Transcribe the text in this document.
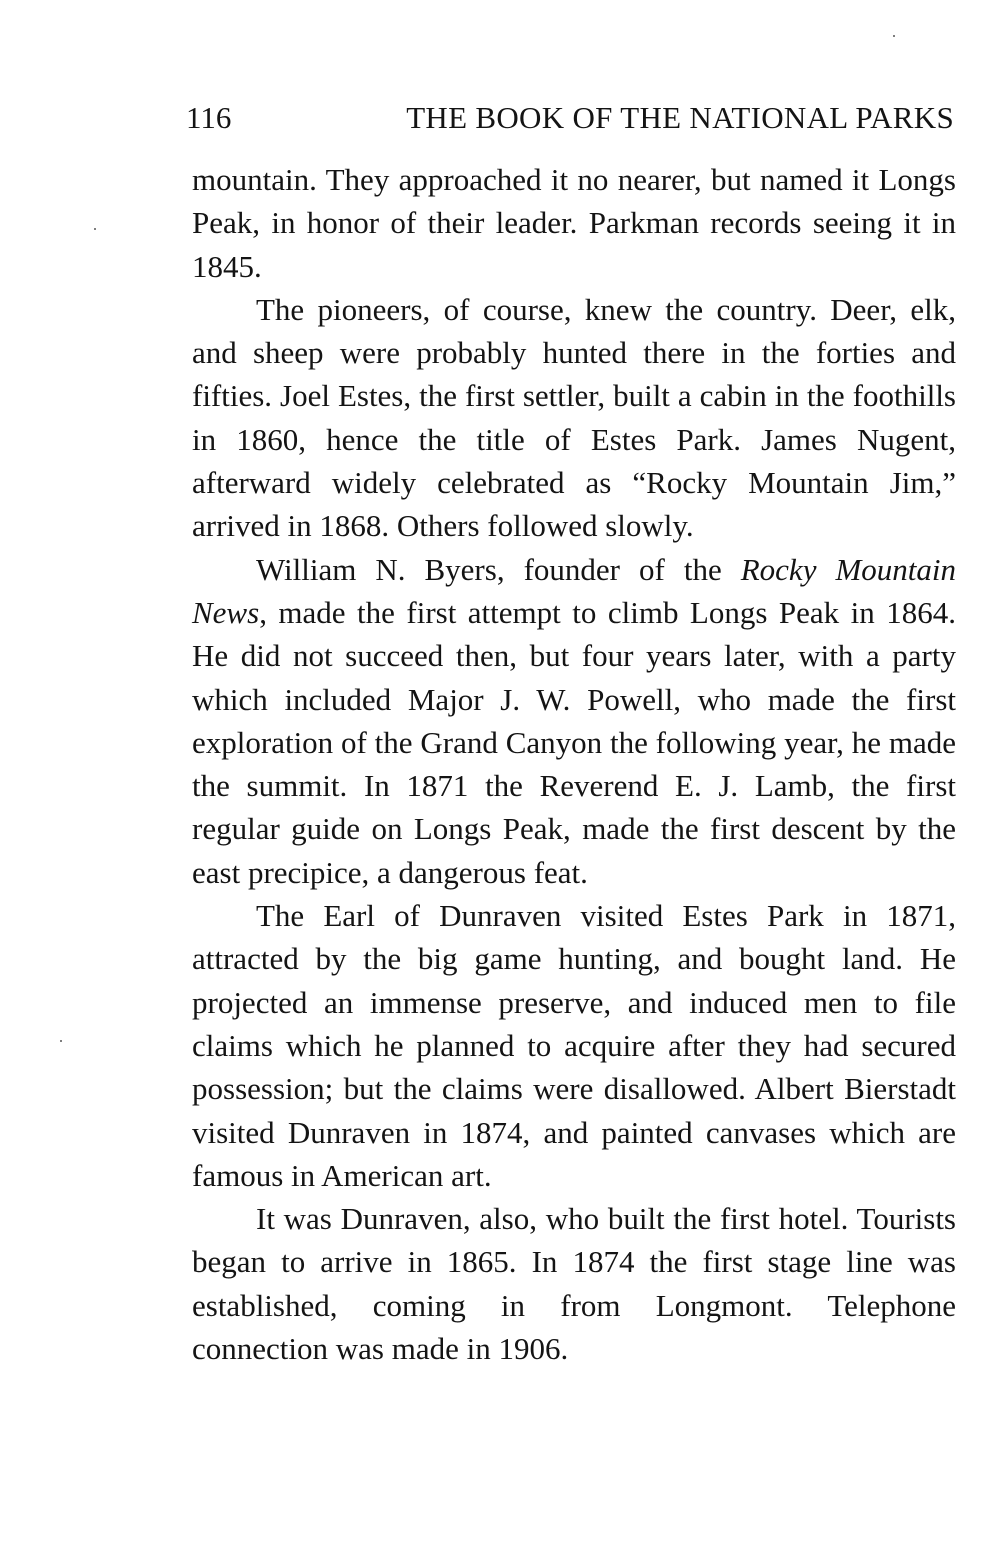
116	THE BOOK OF THE NATIONAL PARKS

mountain. They approached it no nearer, but named it Longs Peak, in honor of their leader. Parkman records seeing it in 1845.

The pioneers, of course, knew the country. Deer, elk, and sheep were probably hunted there in the forties and fifties. Joel Estes, the first settler, built a cabin in the foothills in 1860, hence the title of Estes Park. James Nugent, afterward widely celebrated as “Rocky Mountain Jim,” arrived in 1868. Others followed slowly.

William N. Byers, founder of the Rocky Mountain News, made the first attempt to climb Longs Peak in 1864. He did not succeed then, but four years later, with a party which included Major J. W. Powell, who made the first exploration of the Grand Canyon the following year, he made the summit. In 1871 the Reverend E. J. Lamb, the first regular guide on Longs Peak, made the first descent by the east precipice, a dangerous feat.

The Earl of Dunraven visited Estes Park in 1871, attracted by the big game hunting, and bought land. He projected an immense preserve, and induced men to file claims which he planned to acquire after they had secured possession; but the claims were disallowed. Albert Bierstadt visited Dunraven in 1874, and painted canvases which are famous in American art.

It was Dunraven, also, who built the first hotel. Tourists began to arrive in 1865. In 1874 the first stage line was established, coming in from Longmont. Telephone connection was made in 1906.
